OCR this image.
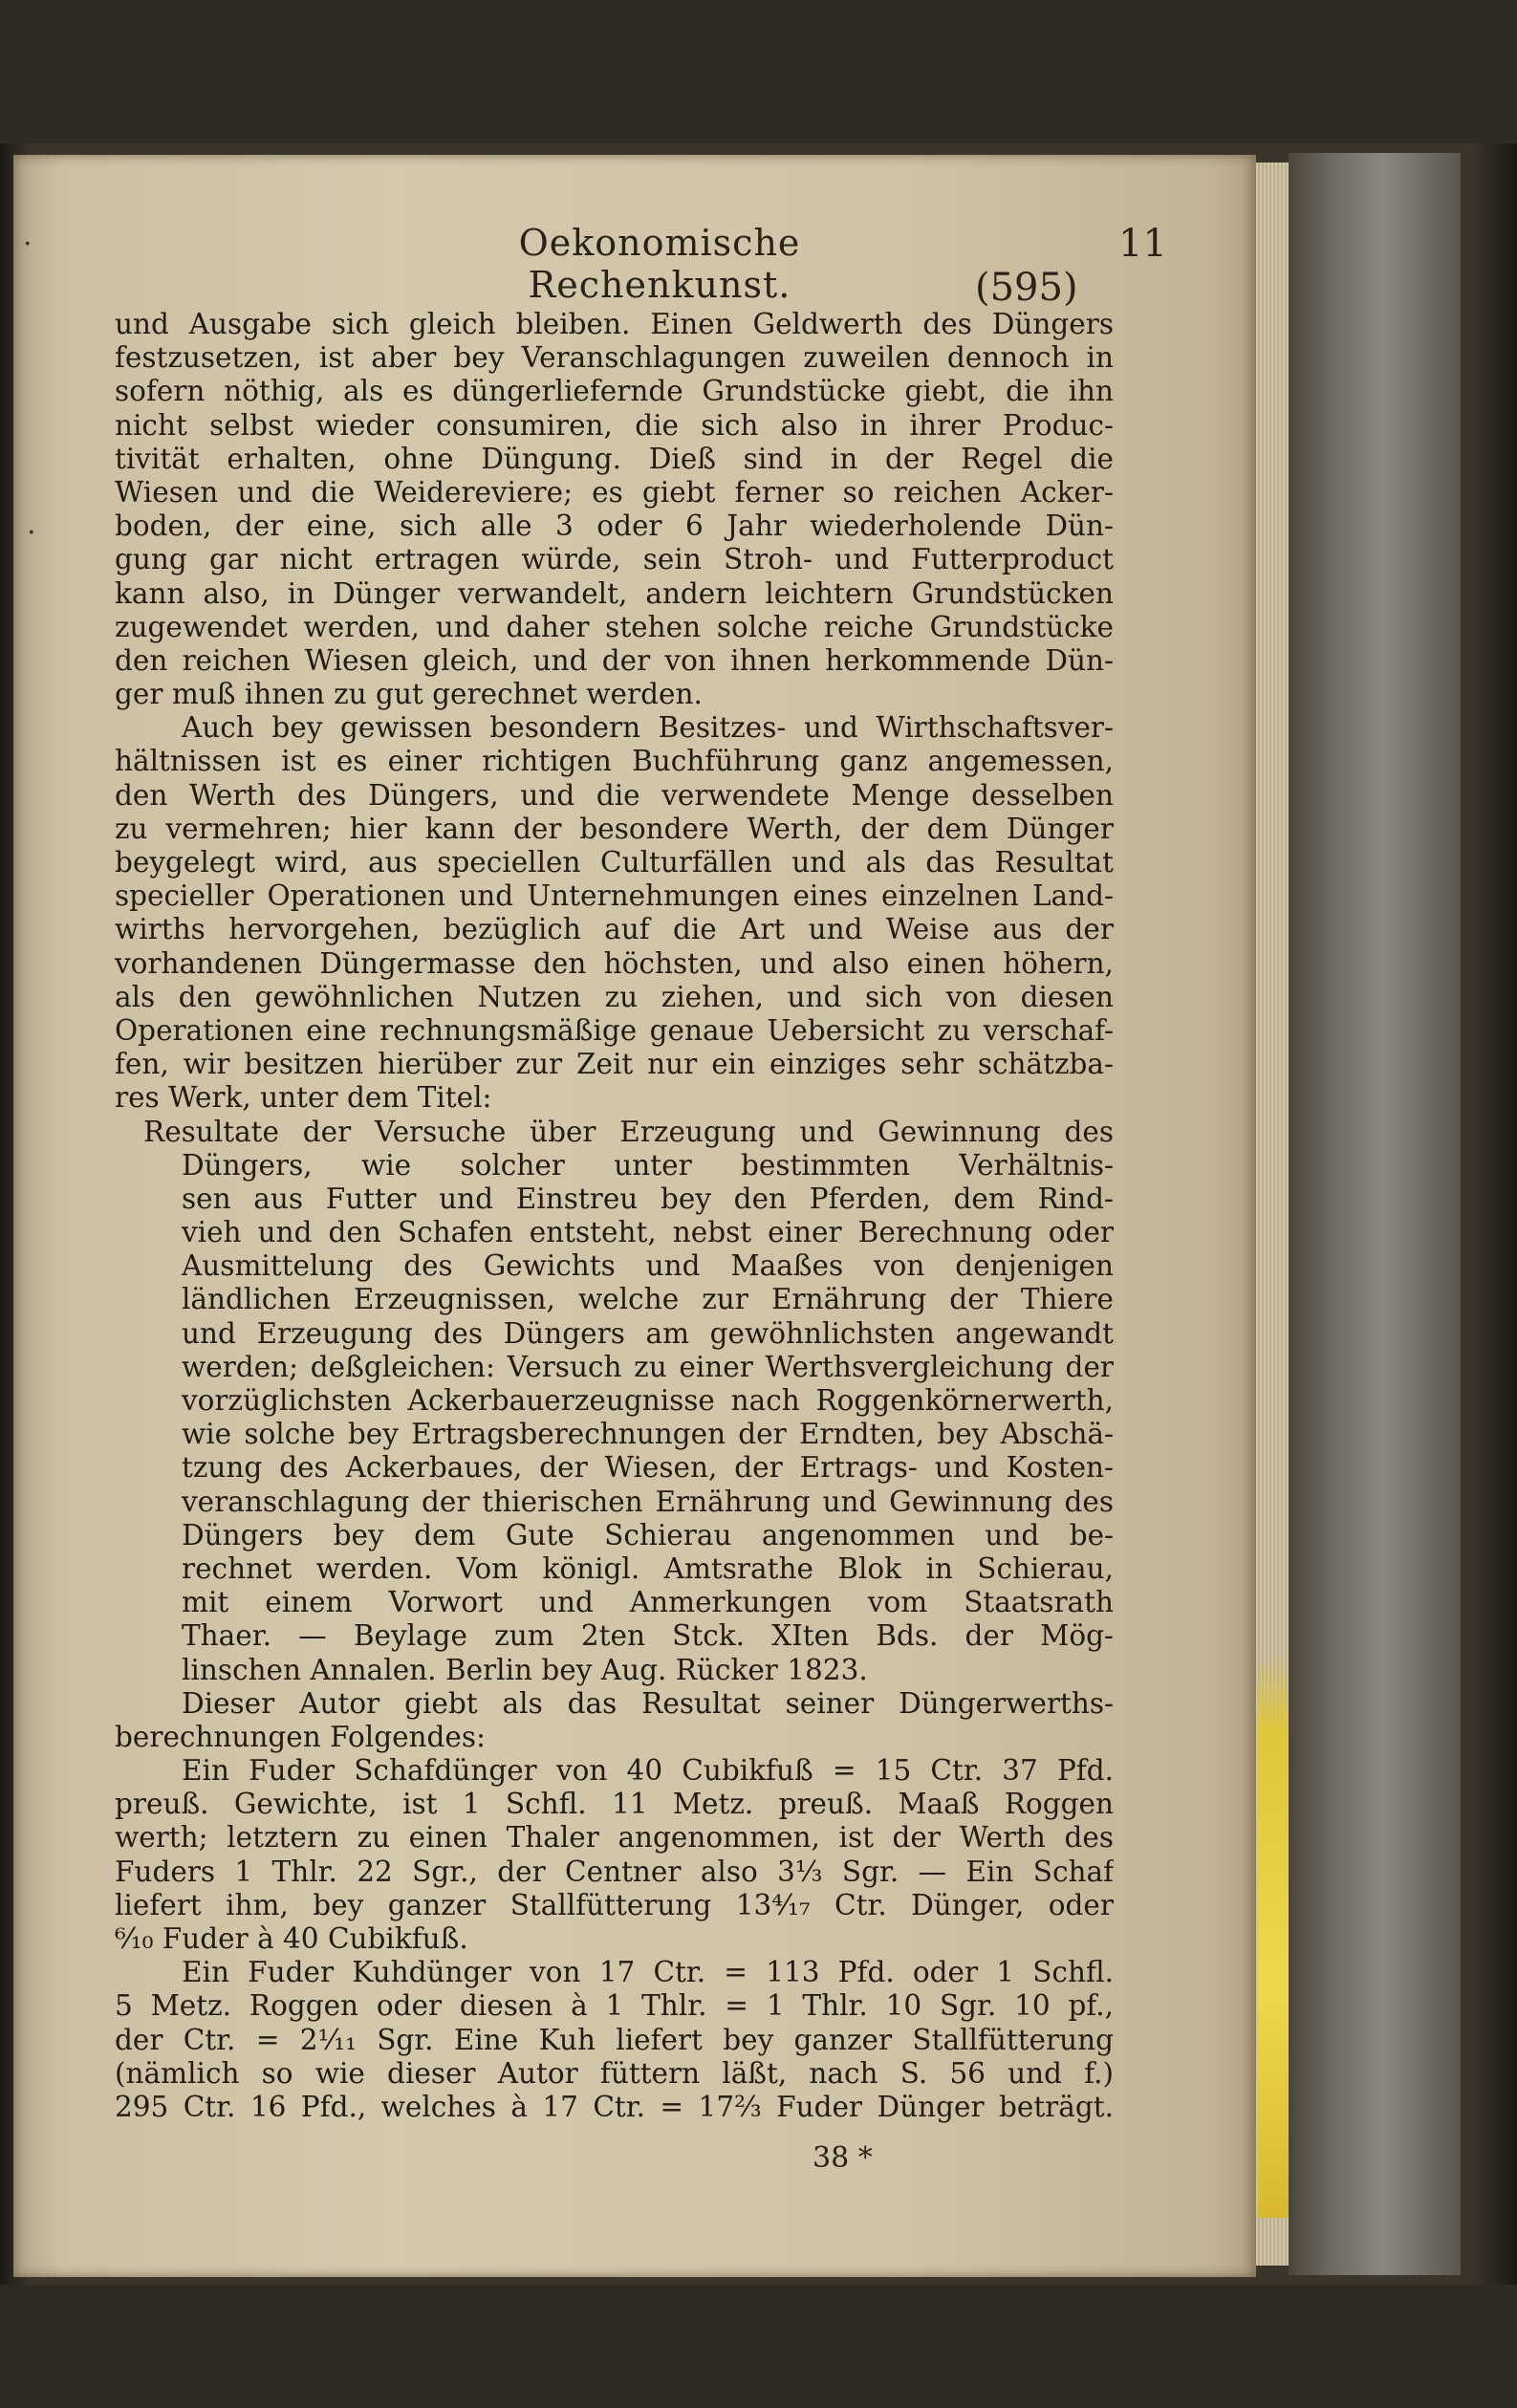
·
·
Oekonomische Rechenkunst.
11
(595)
und Ausgabe sich gleich bleiben. Einen Geldwerth des Düngers
festzusetzen, ist aber bey Veranschlagungen zuweilen dennoch in
sofern nöthig, als es düngerliefernde Grundstücke giebt, die ihn
nicht selbst wieder consumiren, die sich also in ihrer Produc-
tivität erhalten, ohne Düngung. Dieß sind in der Regel die
Wiesen und die Weidereviere; es giebt ferner so reichen Acker-
boden, der eine, sich alle 3 oder 6 Jahr wiederholende Dün-
gung gar nicht ertragen würde, sein Stroh- und Futterproduct
kann also, in Dünger verwandelt, andern leichtern Grundstücken
zugewendet werden, und daher stehen solche reiche Grundstücke
den reichen Wiesen gleich, und der von ihnen herkommende Dün-
ger muß ihnen zu gut gerechnet werden.
Auch bey gewissen besondern Besitzes- und Wirthschaftsver-
hältnissen ist es einer richtigen Buchführung ganz angemessen,
den Werth des Düngers, und die verwendete Menge desselben
zu vermehren; hier kann der besondere Werth, der dem Dünger
beygelegt wird, aus speciellen Culturfällen und als das Resultat
specieller Operationen und Unternehmungen eines einzelnen Land-
wirths hervorgehen, bezüglich auf die Art und Weise aus der
vorhandenen Düngermasse den höchsten, und also einen höhern,
als den gewöhnlichen Nutzen zu ziehen, und sich von diesen
Operationen eine rechnungsmäßige genaue Uebersicht zu verschaf-
fen, wir besitzen hierüber zur Zeit nur ein einziges sehr schätzba-
res Werk, unter dem Titel:
Resultate der Versuche über Erzeugung und Gewinnung des
Düngers, wie solcher unter bestimmten Verhältnis-
sen aus Futter und Einstreu bey den Pferden, dem Rind-
vieh und den Schafen entsteht, nebst einer Berechnung oder
Ausmittelung des Gewichts und Maaßes von denjenigen
ländlichen Erzeugnissen, welche zur Ernährung der Thiere
und Erzeugung des Düngers am gewöhnlichsten angewandt
werden; deßgleichen: Versuch zu einer Werthsvergleichung der
vorzüglichsten Ackerbauerzeugnisse nach Roggenkörnerwerth,
wie solche bey Ertragsberechnungen der Erndten, bey Abschä-
tzung des Ackerbaues, der Wiesen, der Ertrags- und Kosten-
veranschlagung der thierischen Ernährung und Gewinnung des
Düngers bey dem Gute Schierau angenommen und be-
rechnet werden. Vom königl. Amtsrathe Blok in Schierau,
mit einem Vorwort und Anmerkungen vom Staatsrath
Thaer. — Beylage zum 2ten Stck. XIten Bds. der Mög-
linschen Annalen. Berlin bey Aug. Rücker 1823.
Dieser Autor giebt als das Resultat seiner Düngerwerths-
berechnungen Folgendes:
Ein Fuder Schafdünger von 40 Cubikfuß = 15 Ctr. 37 Pfd.
preuß. Gewichte, ist 1 Schfl. 11 Metz. preuß. Maaß Roggen
werth; letztern zu einen Thaler angenommen, ist der Werth des
Fuders 1 Thlr. 22 Sgr., der Centner also 3⅓ Sgr. — Ein Schaf
liefert ihm, bey ganzer Stallfütterung 13⁴⁄₁₇ Ctr. Dünger, oder
⁶⁄₁₀ Fuder à 40 Cubikfuß.
Ein Fuder Kuhdünger von 17 Ctr. = 113 Pfd. oder 1 Schfl.
5 Metz. Roggen oder diesen à 1 Thlr. = 1 Thlr. 10 Sgr. 10 pf.,
der Ctr. = 2¹⁄₁₁ Sgr. Eine Kuh liefert bey ganzer Stallfütterung
(nämlich so wie dieser Autor füttern läßt, nach S. 56 und f.)
295 Ctr. 16 Pfd., welches à 17 Ctr. = 17⅔ Fuder Dünger beträgt.
38 *
